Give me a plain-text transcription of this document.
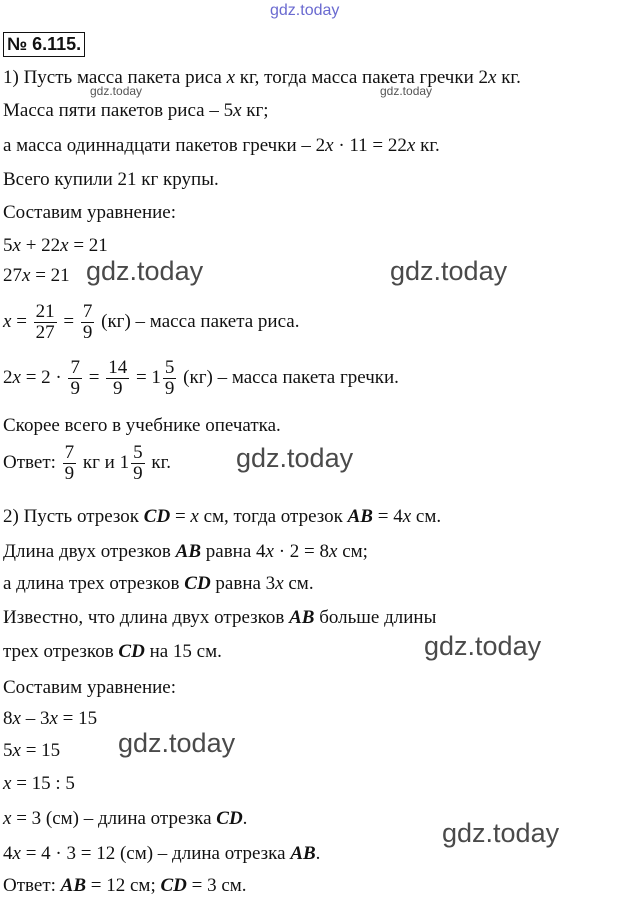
gdz.today
gdz.today	gdz.today
gdz.today	gdz.today
gdz.today
gdz.today
gdz.today
gdz.today
№ 6.115.
1) Пусть масса пакета риса x кг, тогда масса пакета гречки 2x кг.
Масса пяти пакетов риса – 5x кг;
а масса одиннадцати пакетов гречки – 2x · 11 = 22x кг.
Всего купили 21 кг крупы.
Составим уравнение:
5x + 22x = 21
27x = 21
$x = \frac{21}{27} = \frac{7}{9} (кг)$ – масса пакета риса.
$2x = 2 \cdot \frac{7}{9} = \frac{14}{9} = 1 \frac{5}{9} (кг)$ – масса пакета гречки.
Скорее всего в учебнике опечатка.
Ответ: $\frac{7}{9}$ кг и $1 \frac{5}{9}$ кг.
2) Пусть отрезок CD = x см, тогда отрезок AB = 4x см.
Длина двух отрезков AB равна 4x · 2 = 8x см;
а длина трех отрезков CD равна 3x см.
Известно, что длина двух отрезков AB больше длины
трех отрезков CD на 15 см.
Составим уравнение:
8x – 3x = 15
5x = 15
x = 15 : 5
x = 3 (см) – длина отрезка CD.
4x = 4 · 3 = 12 (см) – длина отрезка AB.
Ответ: AB = 12 см; CD = 3 см.
